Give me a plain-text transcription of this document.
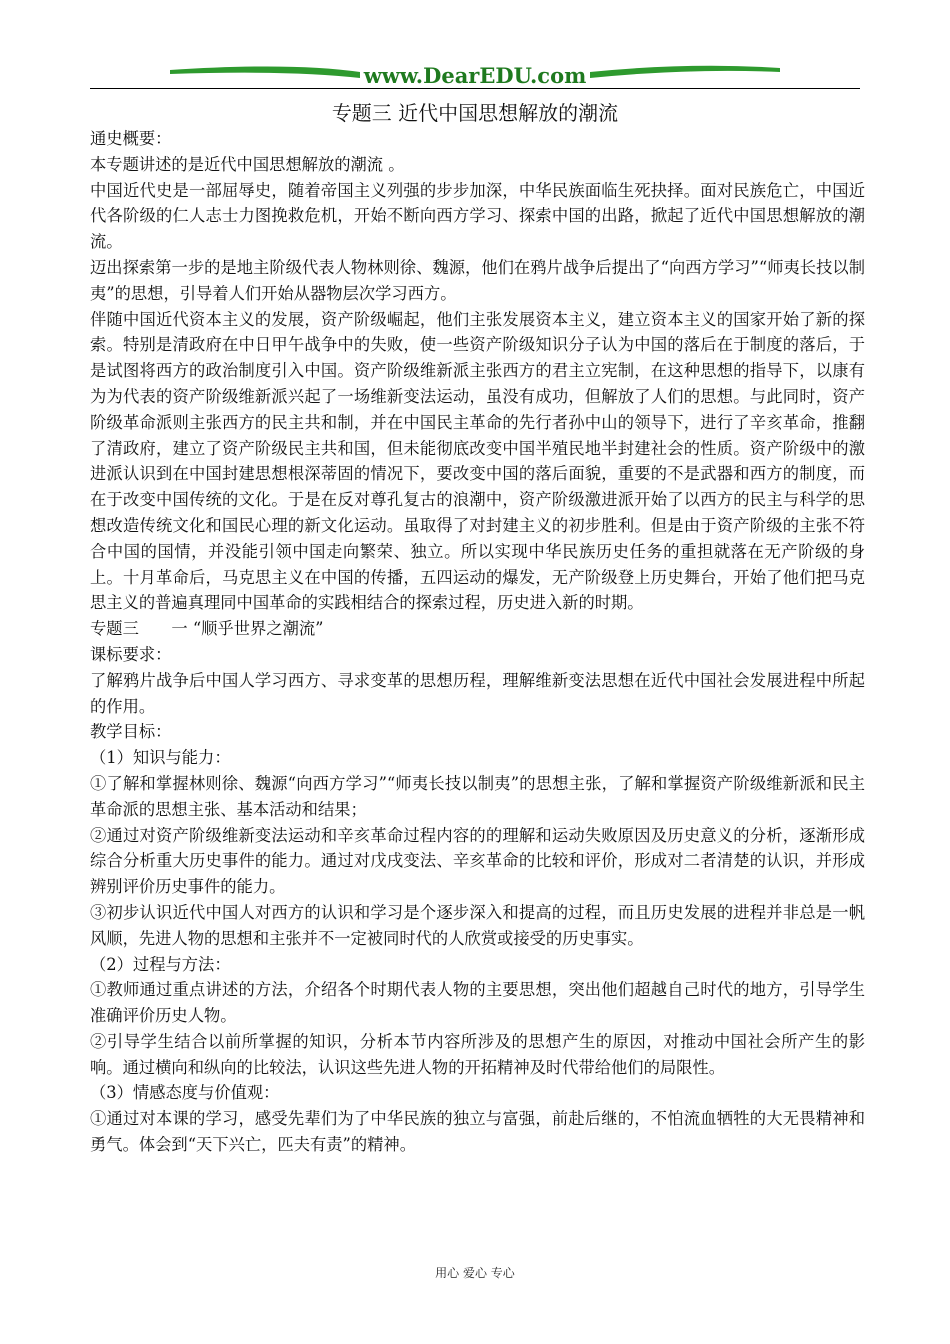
www.DearEDU.com
专题三 近代中国思想解放的潮流

通史概要：

本专题讲述的是近代中国思想解放的潮流 。

中国近代史是一部屈辱史，随着帝国主义列强的步步加深，中华民族面临生死抉择。面对民族危亡，中国近代各阶级的仁人志士力图挽救危机，开始不断向西方学习、探索中国的出路，掀起了近代中国思想解放的潮流。

迈出探索第一步的是地主阶级代表人物林则徐、魏源，他们在鸦片战争后提出了“向西方学习”“师夷长技以制夷”的思想，引导着人们开始从器物层次学习西方。

伴随中国近代资本主义的发展，资产阶级崛起，他们主张发展资本主义，建立资本主义的国家开始了新的探索。特别是清政府在中日甲午战争中的失败，使一些资产阶级知识分子认为中国的落后在于制度的落后，于是试图将西方的政治制度引入中国。资产阶级维新派主张西方的君主立宪制，在这种思想的指导下，以康有为为代表的资产阶级维新派兴起了一场维新变法运动，虽没有成功，但解放了人们的思想。与此同时，资产阶级革命派则主张西方的民主共和制，并在中国民主革命的先行者孙中山的领导下，进行了辛亥革命，推翻了清政府，建立了资产阶级民主共和国，但未能彻底改变中国半殖民地半封建社会的性质。资产阶级中的激进派认识到在中国封建思想根深蒂固的情况下，要改变中国的落后面貌，重要的不是武器和西方的制度，而在于改变中国传统的文化。于是在反对尊孔复古的浪潮中，资产阶级激进派开始了以西方的民主与科学的思想改造传统文化和国民心理的新文化运动。虽取得了对封建主义的初步胜利。但是由于资产阶级的主张不符合中国的国情，并没能引领中国走向繁荣、独立。所以实现中华民族历史任务的重担就落在无产阶级的身上。十月革命后，马克思主义在中国的传播，五四运动的爆发，无产阶级登上历史舞台，开始了他们把马克思主义的普遍真理同中国革命的实践相结合的探索过程，历史进入新的时期。

专题三　　一 “顺乎世界之潮流”

课标要求：

了解鸦片战争后中国人学习西方、寻求变革的思想历程，理解维新变法思想在近代中国社会发展进程中所起的作用。

教学目标：

（1）知识与能力：

①了解和掌握林则徐、魏源“向西方学习”“师夷长技以制夷”的思想主张，了解和掌握资产阶级维新派和民主革命派的思想主张、基本活动和结果；

②通过对资产阶级维新变法运动和辛亥革命过程内容的的理解和运动失败原因及历史意义的分析，逐渐形成综合分析重大历史事件的能力。通过对戊戌变法、辛亥革命的比较和评价，形成对二者清楚的认识，并形成辨别评价历史事件的能力。

③初步认识近代中国人对西方的认识和学习是个逐步深入和提高的过程，而且历史发展的进程并非总是一帆风顺，先进人物的思想和主张并不一定被同时代的人欣赏或接受的历史事实。

（2）过程与方法：

①教师通过重点讲述的方法，介绍各个时期代表人物的主要思想，突出他们超越自己时代的地方，引导学生准确评价历史人物。

②引导学生结合以前所掌握的知识，分析本节内容所涉及的思想产生的原因，对推动中国社会所产生的影响。通过横向和纵向的比较法，认识这些先进人物的开拓精神及时代带给他们的局限性。

（3）情感态度与价值观：

①通过对本课的学习，感受先辈们为了中华民族的独立与富强，前赴后继的，不怕流血牺牲的大无畏精神和勇气。体会到“天下兴亡，匹夫有责”的精神。

用心 爱心 专心
